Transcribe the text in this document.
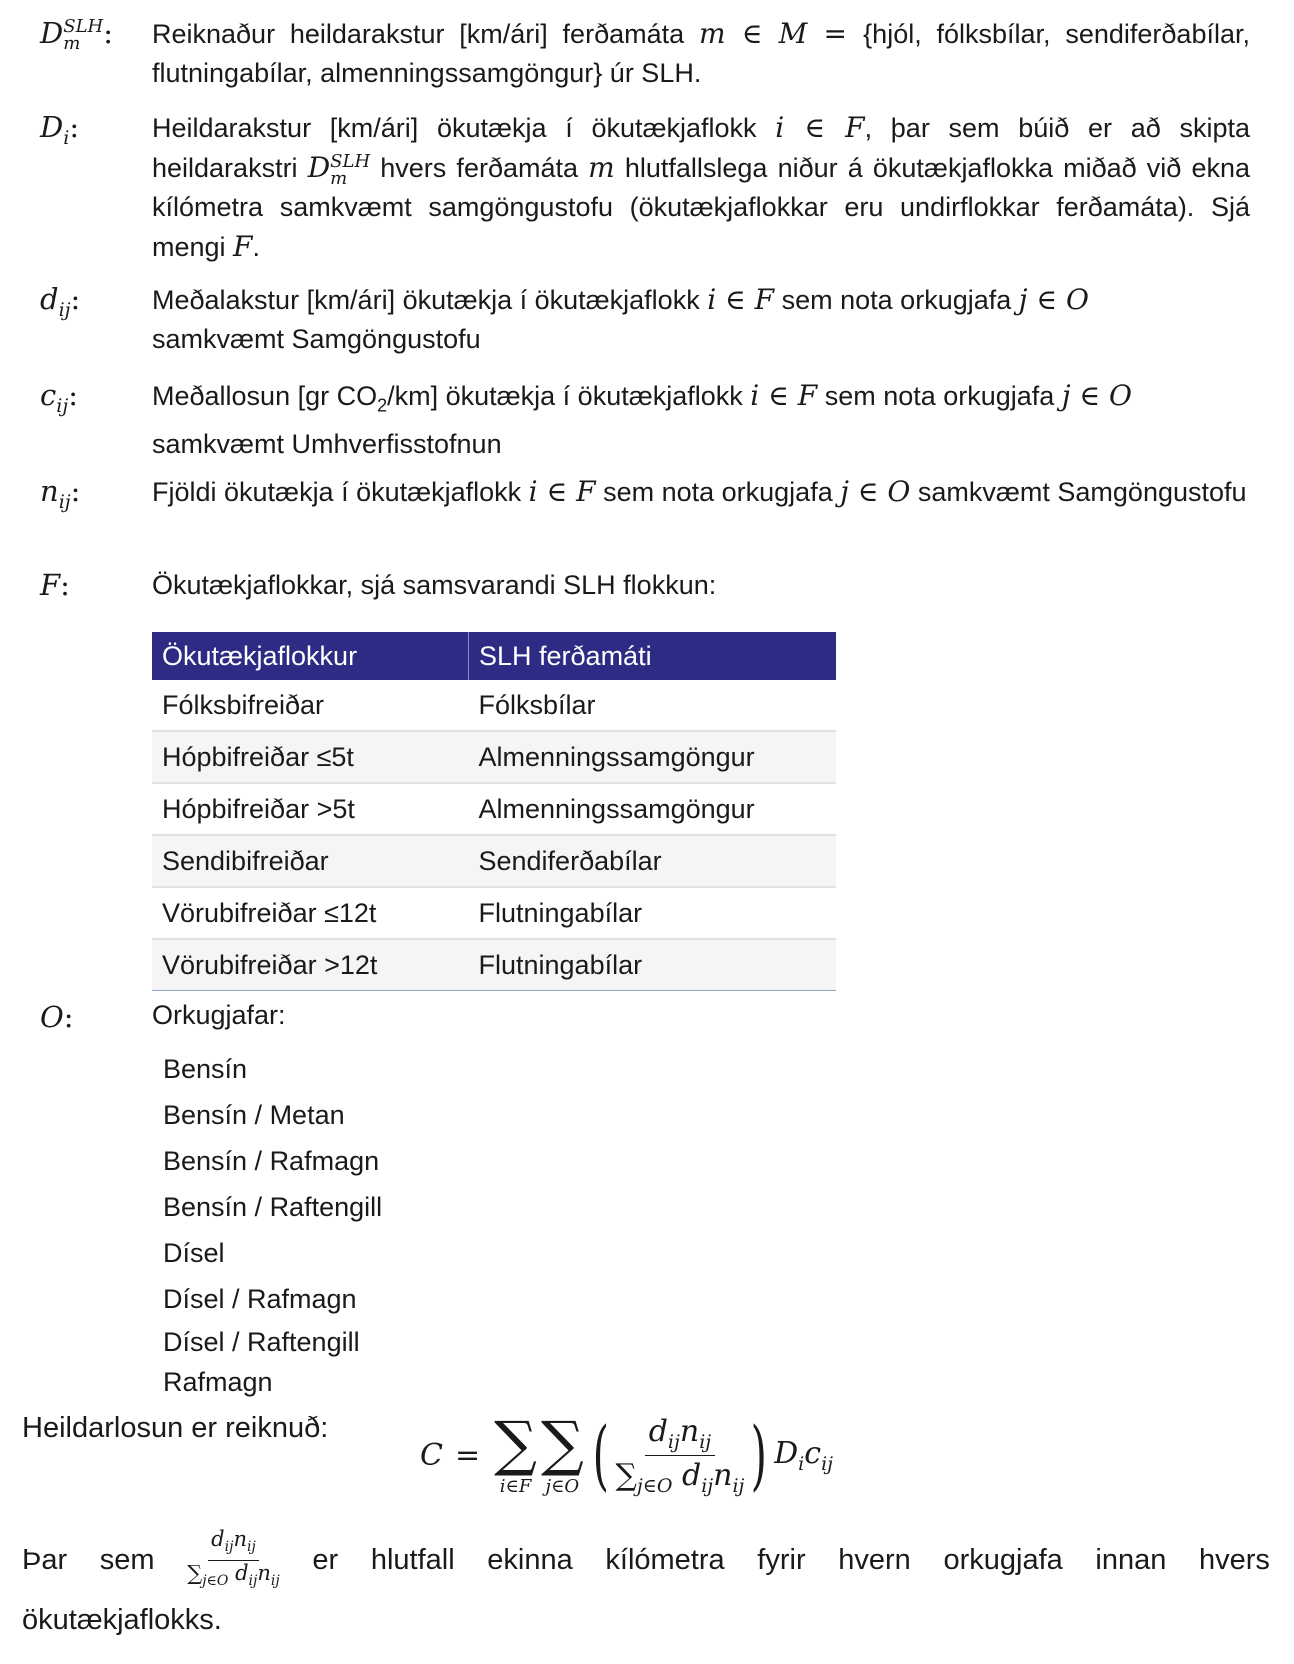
D SLH
m : Reiknaður heildarakstur [km/ári] ferðamáta m ∈ M = {hjól, fólksbílar, sendiferðabílar, flutningabílar, almenningssamgöngur} úr SLH.
$D_i$:	Heildarakstur [km/ári] ökutækja í ökutækjaflokk i ∈ F, þar sem búið er að skipta heildarakstri D SLH
m hvers ferðamáta m hlutfallslega niður á ökutækjaflokka miðað við ekna kílómetra samkvæmt samgöngustofu (ökutækjaflokkar eru undirflokkar ferðamáta). Sjá mengi F.
$d_{ij}$:	Meðalakstur [km/ári] ökutækja í ökutækjaflokk i ∈ F sem nota orkugjafa j ∈ O
samkvæmt Samgöngustofu
$c_{ij}$:	Meðallosun [gr $CO_2/km$] ökutækja í ökutækjaflokk i ∈ F sem nota orkugjafa j ∈ O
samkvæmt Umhverfisstofnun
$n_{ij}$:	Fjöldi ökutækja í ökutækjaflokk i ∈ F sem nota orkugjafa j ∈ O samkvæmt Samgöngustofu
F:	Ökutækjaflokkar, sjá samsvarandi SLH flokkun:
Ökutækjaflokkur	SLH ferðamáti
Fólksbifreiðar	Fólksbílar
Hópbifreiðar ≤5t	Almenningssamgöngur
Hópbifreiðar >5t	Almenningssamgöngur
Sendibifreiðar	Sendiferðabílar
Vörubifreiðar ≤12t	Flutningabílar
Vörubifreiðar >12t	Flutningabílar
O:	Orkugjafar:
Bensín
Bensín / Metan
Bensín / Rafmagn
Bensín / Raftengill
Dísel
Dísel / Rafmagn
Dísel / Raftengill
Rafmagn
Heildarlosun er reiknuð:
C = ∑
i∈F
∑
j∈O ( $\frac{d_{ij}n_{ij}}{\sum_{j\in O} d_{ij}n_{ij}}$ ) $D_ic_{ij}$
Þar sem $\frac{d_{ij}n_{ij}}{\sum_{j\in O} d_{ij}n_{ij}}$ er hlutfall ekinna kílómetra fyrir hvern orkugjafa innan hvers
ökutækjaflokks.
